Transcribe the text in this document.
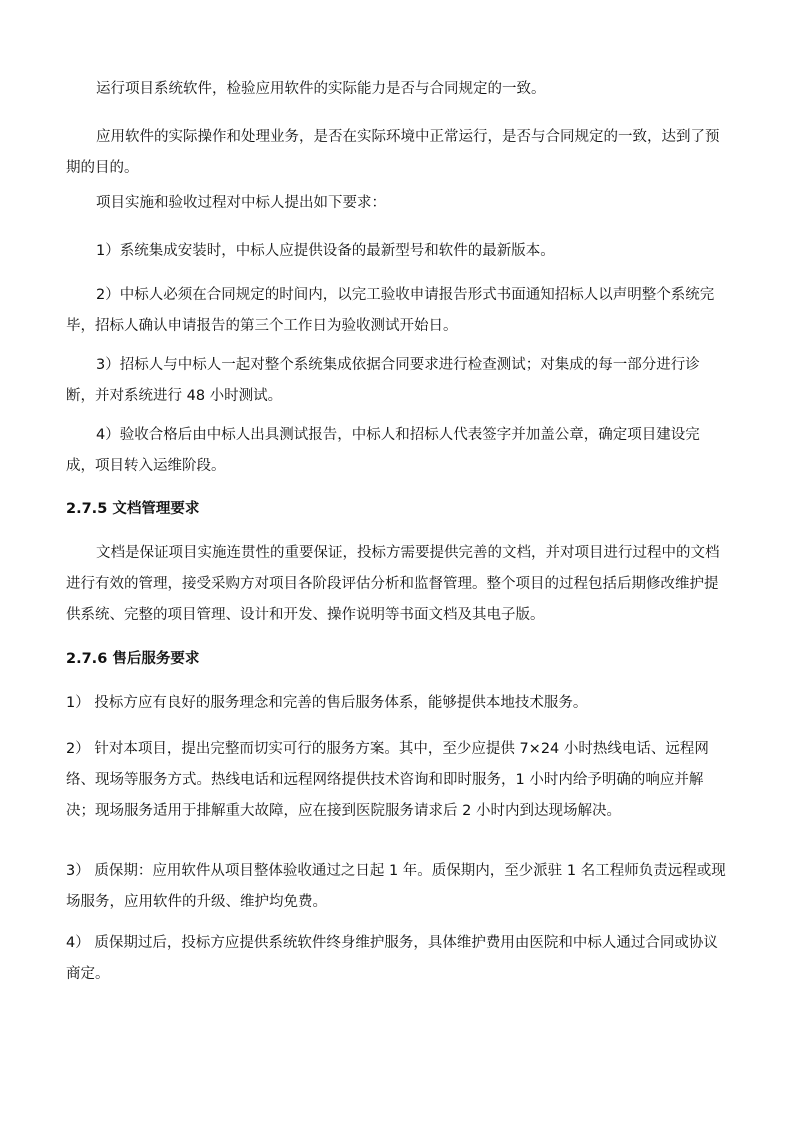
运行项目系统软件，检验应用软件的实际能力是否与合同规定的一致。

应用软件的实际操作和处理业务，是否在实际环境中正常运行，是否与合同规定的一致，达到了预期的目的。

项目实施和验收过程对中标人提出如下要求：

1）系统集成安装时，中标人应提供设备的最新型号和软件的最新版本。

2）中标人必须在合同规定的时间内，以完工验收申请报告形式书面通知招标人以声明整个系统完毕，招标人确认申请报告的第三个工作日为验收测试开始日。

3）招标人与中标人一起对整个系统集成依据合同要求进行检查测试；对集成的每一部分进行诊断，并对系统进行 48 小时测试。

4）验收合格后由中标人出具测试报告，中标人和招标人代表签字并加盖公章，确定项目建设完成，项目转入运维阶段。

2.7.5 文档管理要求

文档是保证项目实施连贯性的重要保证，投标方需要提供完善的文档，并对项目进行过程中的文档进行有效的管理，接受采购方对项目各阶段评估分析和监督管理。整个项目的过程包括后期修改维护提供系统、完整的项目管理、设计和开发、操作说明等书面文档及其电子版。

2.7.6 售后服务要求

1） 投标方应有良好的服务理念和完善的售后服务体系，能够提供本地技术服务。

2） 针对本项目，提出完整而切实可行的服务方案。其中，至少应提供 7×24 小时热线电话、远程网络、现场等服务方式。热线电话和远程网络提供技术咨询和即时服务，1 小时内给予明确的响应并解决；现场服务适用于排解重大故障，应在接到医院服务请求后 2 小时内到达现场解决。

3） 质保期：应用软件从项目整体验收通过之日起 1 年。质保期内，至少派驻 1 名工程师负责远程或现场服务，应用软件的升级、维护均免费。

4） 质保期过后，投标方应提供系统软件终身维护服务，具体维护费用由医院和中标人通过合同或协议商定。
